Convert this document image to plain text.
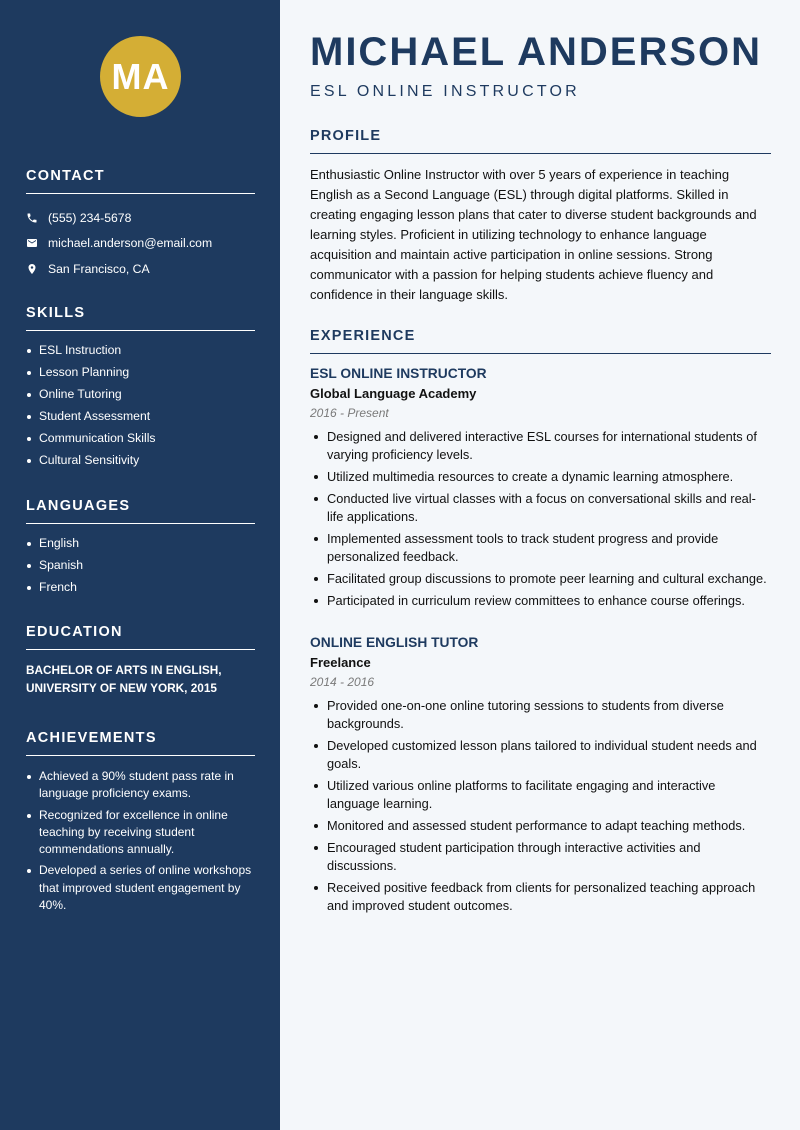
MA
CONTACT
(555) 234-5678
michael.anderson@email.com
San Francisco, CA
SKILLS
ESL Instruction
Lesson Planning
Online Tutoring
Student Assessment
Communication Skills
Cultural Sensitivity
LANGUAGES
English
Spanish
French
EDUCATION
BACHELOR OF ARTS IN ENGLISH,
UNIVERSITY OF NEW YORK, 2015
ACHIEVEMENTS
Achieved a 90% student pass rate in language proficiency exams.
Recognized for excellence in online teaching by receiving student commendations annually.
Developed a series of online workshops that improved student engagement by 40%.
MICHAEL ANDERSON
ESL ONLINE INSTRUCTOR
PROFILE
Enthusiastic Online Instructor with over 5 years of experience in teaching English as a Second Language (ESL) through digital platforms. Skilled in creating engaging lesson plans that cater to diverse student backgrounds and learning styles. Proficient in utilizing technology to enhance language acquisition and maintain active participation in online sessions. Strong communicator with a passion for helping students achieve fluency and confidence in their language skills.
EXPERIENCE
ESL ONLINE INSTRUCTOR
Global Language Academy
2016 - Present
Designed and delivered interactive ESL courses for international students of varying proficiency levels.
Utilized multimedia resources to create a dynamic learning atmosphere.
Conducted live virtual classes with a focus on conversational skills and real-life applications.
Implemented assessment tools to track student progress and provide personalized feedback.
Facilitated group discussions to promote peer learning and cultural exchange.
Participated in curriculum review committees to enhance course offerings.
ONLINE ENGLISH TUTOR
Freelance
2014 - 2016
Provided one-on-one online tutoring sessions to students from diverse backgrounds.
Developed customized lesson plans tailored to individual student needs and goals.
Utilized various online platforms to facilitate engaging and interactive language learning.
Monitored and assessed student performance to adapt teaching methods.
Encouraged student participation through interactive activities and discussions.
Received positive feedback from clients for personalized teaching approach and improved student outcomes.
